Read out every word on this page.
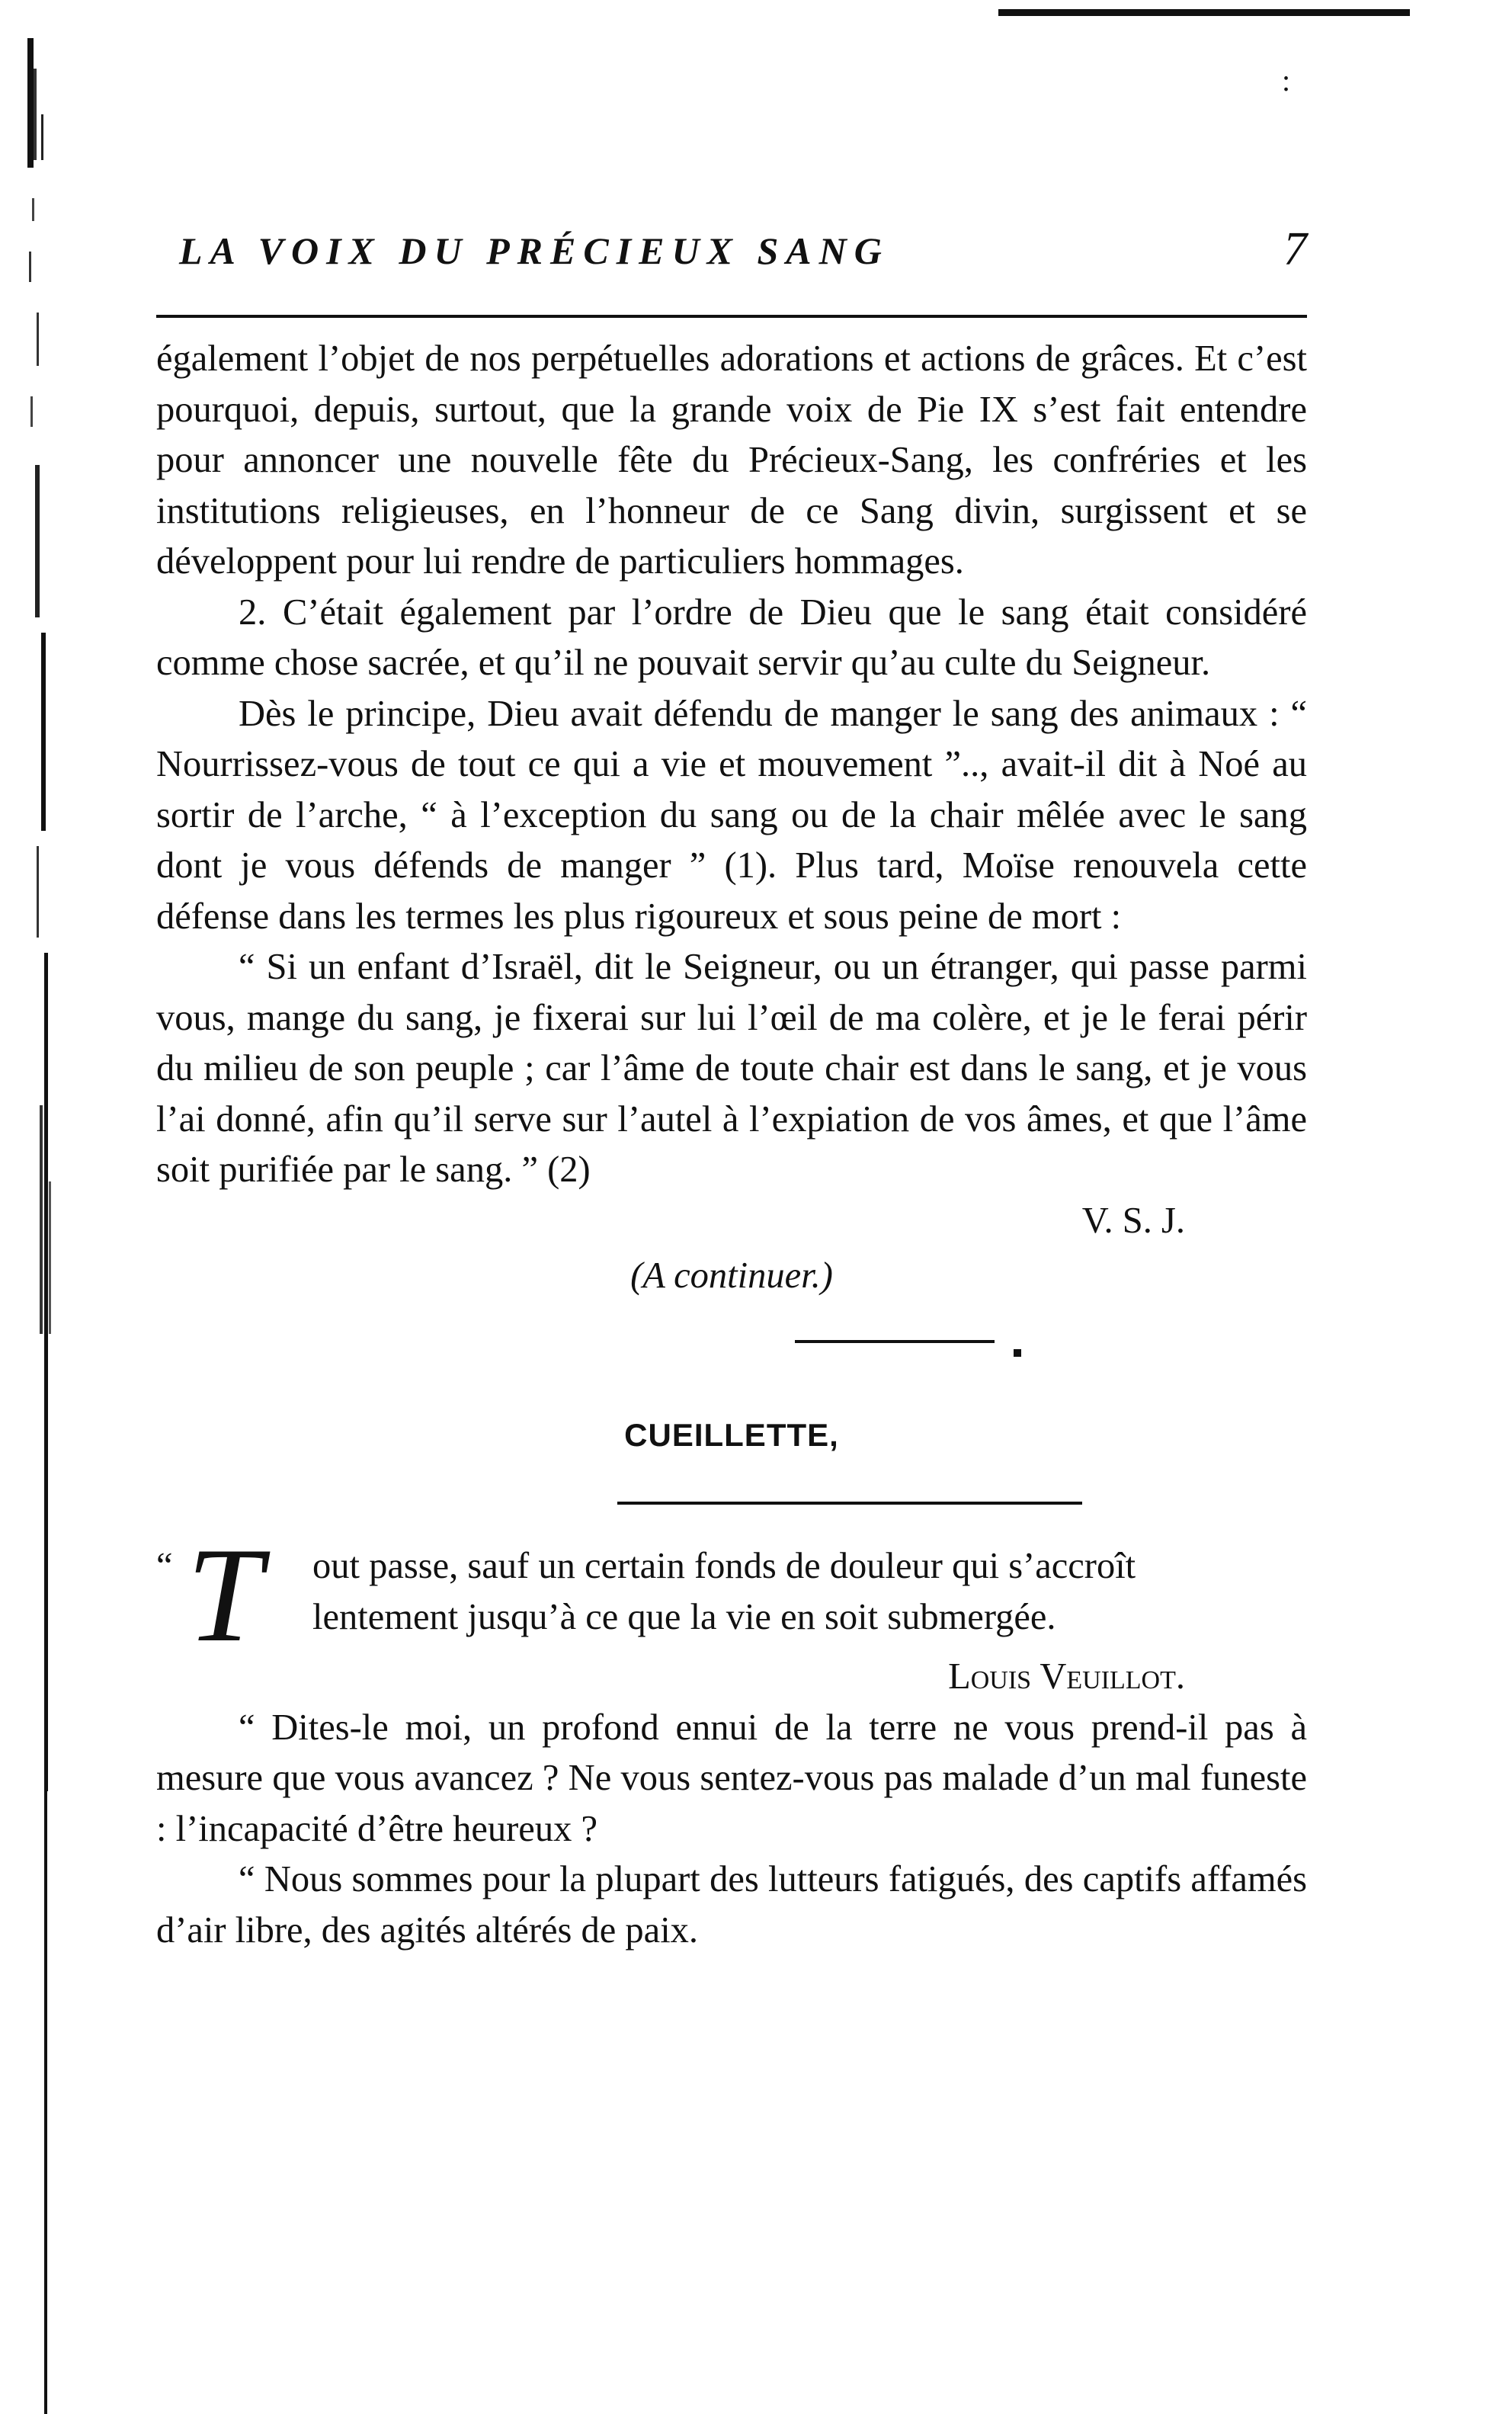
:
LA VOIX DU PRÉCIEUX SANG	7

également l’objet de nos perpétuelles adorations et actions de grâces. Et c’est pourquoi, depuis, surtout, que la grande voix de Pie IX s’est fait entendre pour annoncer une nouvelle fête du Précieux-Sang, les confréries et les institutions religieuses, en l’honneur de ce Sang divin, surgissent et se développent pour lui rendre de particuliers hommages.

2. C’était également par l’ordre de Dieu que le sang était considéré comme chose sacrée, et qu’il ne pouvait servir qu’au culte du Seigneur.

Dès le principe, Dieu avait défendu de manger le sang des animaux : “ Nourrissez-vous de tout ce qui a vie et mouvement ”.., avait-il dit à Noé au sortir de l’arche, “ à l’exception du sang ou de la chair mêlée avec le sang dont je vous défends de manger ” (1). Plus tard, Moïse renouvela cette défense dans les termes les plus rigoureux et sous peine de mort :

“ Si un enfant d’Israël, dit le Seigneur, ou un étranger, qui passe parmi vous, mange du sang, je fixerai sur lui l’œil de ma colère, et je le ferai périr du milieu de son peuple ; car l’âme de toute chair est dans le sang, et je vous l’ai donné, afin qu’il serve sur l’autel à l’expiation de vos âmes, et que l’âme soit purifiée par le sang. ” (2)

V. S. J.

(A continuer.)

CUEILLETTE,

“ T	out passe, sauf un certain fonds de douleur qui s’accroît
lentement jusqu’à ce que la vie en soit submergée.

Louis Veuillot.

“ Dites-le moi, un profond ennui de la terre ne vous prend-il pas à mesure que vous avancez ? Ne vous sentez-vous pas malade d’un mal funeste : l’incapacité d’être heureux ?

“ Nous sommes pour la plupart des lutteurs fatigués, des captifs affamés d’air libre, des agités altérés de paix.
